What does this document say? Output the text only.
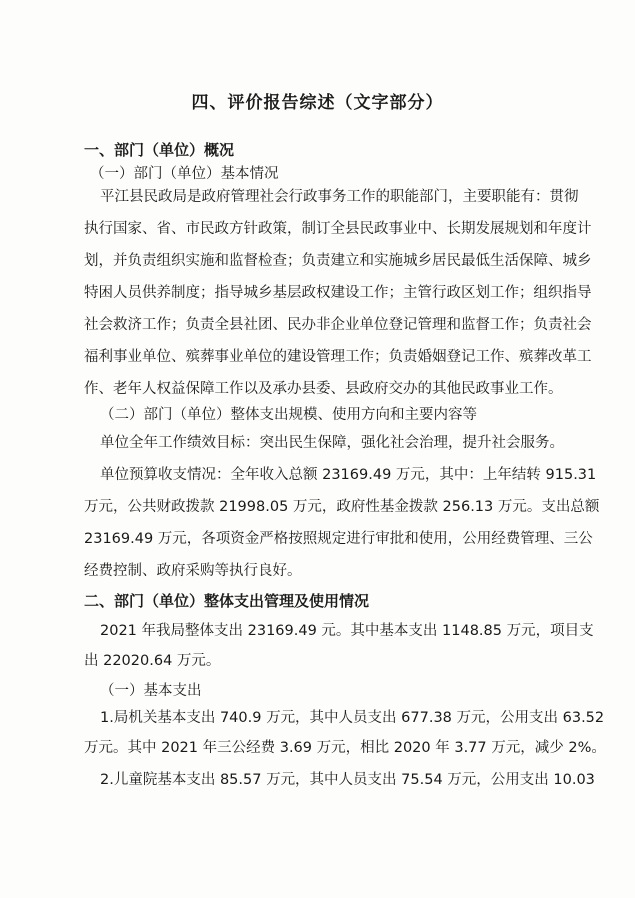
四、评价报告综述（文字部分）
一、部门（单位）概况
（一）部门（单位）基本情况
平江县民政局是政府管理社会行政事务工作的职能部门，主要职能有：贯彻
执行国家、省、市民政方针政策，制订全县民政事业中、长期发展规划和年度计
划，并负责组织实施和监督检查；负责建立和实施城乡居民最低生活保障、城乡
特困人员供养制度；指导城乡基层政权建设工作；主管行政区划工作；组织指导
社会救济工作；负责全县社团、民办非企业单位登记管理和监督工作；负责社会
福利事业单位、殡葬事业单位的建设管理工作；负责婚姻登记工作、殡葬改革工
作、老年人权益保障工作以及承办县委、县政府交办的其他民政事业工作。
（二）部门（单位）整体支出规模、使用方向和主要内容等
单位全年工作绩效目标：突出民生保障，强化社会治理，提升社会服务。
单位预算收支情况：全年收入总额 23169.49 万元，其中：上年结转 915.31
万元，公共财政拨款 21998.05 万元，政府性基金拨款 256.13 万元。支出总额
23169.49 万元，各项资金严格按照规定进行审批和使用，公用经费管理、三公
经费控制、政府采购等执行良好。
二、部门（单位）整体支出管理及使用情况
2021 年我局整体支出 23169.49 元。其中基本支出 1148.85 万元，项目支
出 22020.64 万元。
（一）基本支出
1.局机关基本支出 740.9 万元，其中人员支出 677.38 万元，公用支出 63.52
万元。其中 2021 年三公经费 3.69 万元，相比 2020 年 3.77 万元，减少 2%。
2.儿童院基本支出 85.57 万元，其中人员支出 75.54 万元，公用支出 10.03
